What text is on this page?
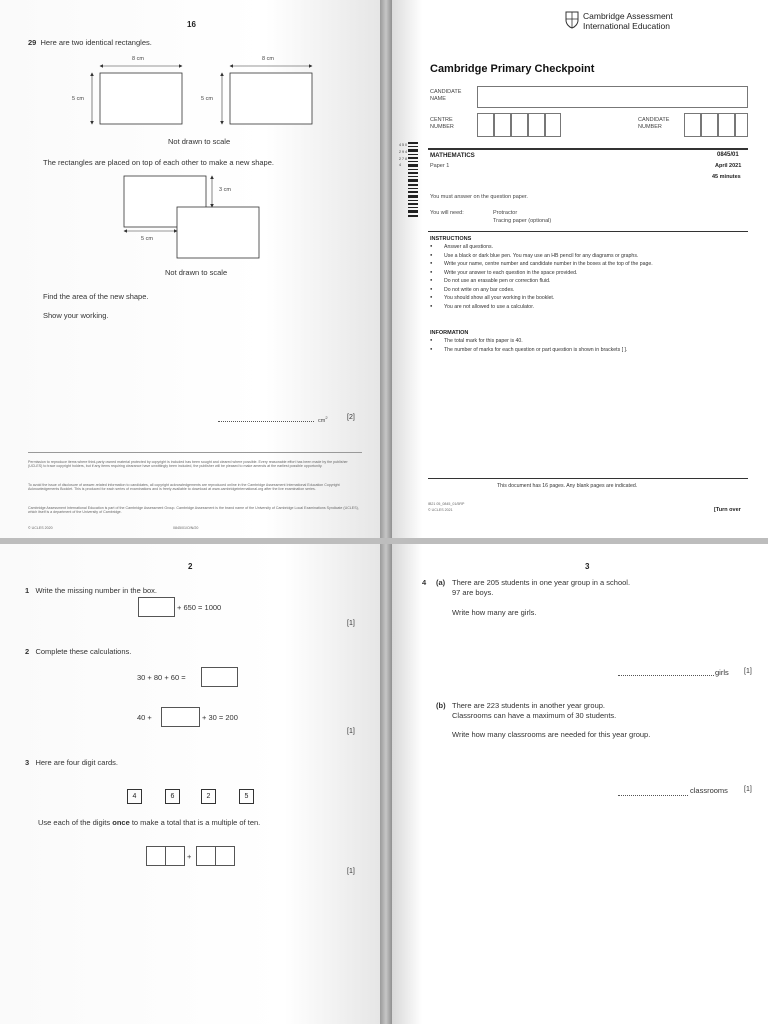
16
29 Here are two identical rectangles.
8 cm
5 cm
8 cm
5 cm
Not drawn to scale
The rectangles are placed on top of each other to make a new shape.
3 cm
5 cm
Not drawn to scale
Find the area of the new shape.
Show your working.
$cm^2$	[2]
Permission to reproduce items where third-party owned material protected by copyright is included has been sought and cleared where possible. Every reasonable effort has been made by the publisher (UCLES) to trace copyright holders, but if any items requiring clearance have unwittingly been included, the publisher will be pleased to make amends at the earliest possible opportunity.
To avoid the issue of disclosure of answer-related information to candidates, all copyright acknowledgements are reproduced online in the Cambridge Assessment International Education Copyright Acknowledgements Booklet. This is produced for each series of examinations and is freely available to download at www.cambridgeinternational.org after the live examination series.
Cambridge Assessment International Education is part of the Cambridge Assessment Group. Cambridge Assessment is the brand name of the University of Cambridge Local Examinations Syndicate (UCLES), which itself is a department of the University of Cambridge.
© UCLES 2020	0845/01/O/N/20
Cambridge Assessment
International Education
Cambridge Primary Checkpoint
CANDIDATE
NAME
CENTRE
NUMBER
CANDIDATE
NUMBER
4 5 0 2 9 4 2 7 8 4
MATHEMATICS	0845/01
Paper 1	April 2021
45 minutes
You must answer on the question paper.
You will need:	Protractor
Tracing paper (optional)
INSTRUCTIONS
● Answer all questions.
● Use a black or dark blue pen. You may use an HB pencil for any diagrams or graphs.
● Write your name, centre number and candidate number in the boxes at the top of the page.
● Write your answer to each question in the space provided.
● Do not use an erasable pen or correction fluid.
● Do not write on any bar codes.
● You should show all your working in the booklet.
● You are not allowed to use a calculator.
INFORMATION
● The total mark for this paper is 40.
● The number of marks for each question or part question is shown in brackets [ ].
This document has 16 pages. Any blank pages are indicated.
IB21 05_0845_01/5RP
© UCLES 2021	[Turn over
2
1 Write the missing number in the box.
+ 650 = 1000
[1]
2 Complete these calculations.
30 + 80 + 60 =
40 +	+ 30 = 200
[1]
3 Here are four digit cards.
4	6	2	5
Use each of the digits once to make a total that is a multiple of ten.
+
[1]
3
4 (a) There are 205 students in one year group in a school.
97 are boys.
Write how many are girls.
girls [1]
(b) There are 223 students in another year group.
Classrooms can have a maximum of 30 students.
Write how many classrooms are needed for this year group.
classrooms [1]
